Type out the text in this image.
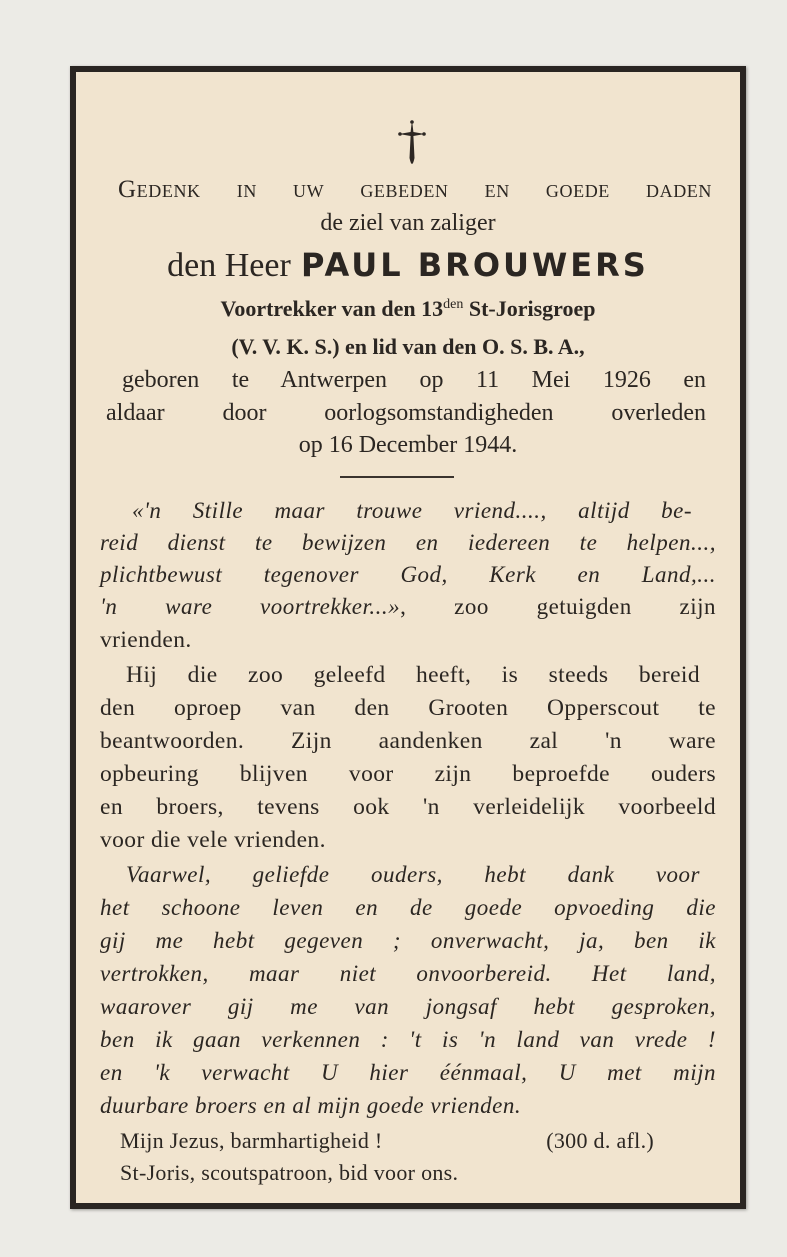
Gedenk in uw gebeden en goede daden
de ziel van zaliger
den Heer PAUL BROUWERS
Voortrekker van den $13^{den}$ St-Jorisgroep
(V. V. K. S.) en lid van den O. S. B. A.,
geboren te Antwerpen op 11 Mei 1926 en
aldaar door oorlogsomstandigheden overleden
op 16 December 1944.
«'n Stille maar trouwe vriend...., altijd be-
reid dienst te bewijzen en iedereen te helpen...,
plichtbewust tegenover God, Kerk en Land,...
'n ware voortrekker...», zoo getuigden zijn
vrienden.
Hij die zoo geleefd heeft, is steeds bereid
den oproep van den Grooten Opperscout te
beantwoorden. Zijn aandenken zal 'n ware
opbeuring blijven voor zijn beproefde ouders
en broers, tevens ook 'n verleidelijk voorbeeld
voor die vele vrienden.
Vaarwel, geliefde ouders, hebt dank voor
het schoone leven en de goede opvoeding die
gij me hebt gegeven ; onverwacht, ja, ben ik
vertrokken, maar niet onvoorbereid. Het land,
waarover gij me van jongsaf hebt gesproken,
ben ik gaan verkennen : 't is 'n land van vrede !
en 'k verwacht U hier éénmaal, U met mijn
duurbare broers en al mijn goede vrienden.
Mijn Jezus, barmhartigheid !	(300 d. afl.)
St-Joris, scoutspatroon, bid voor ons.
